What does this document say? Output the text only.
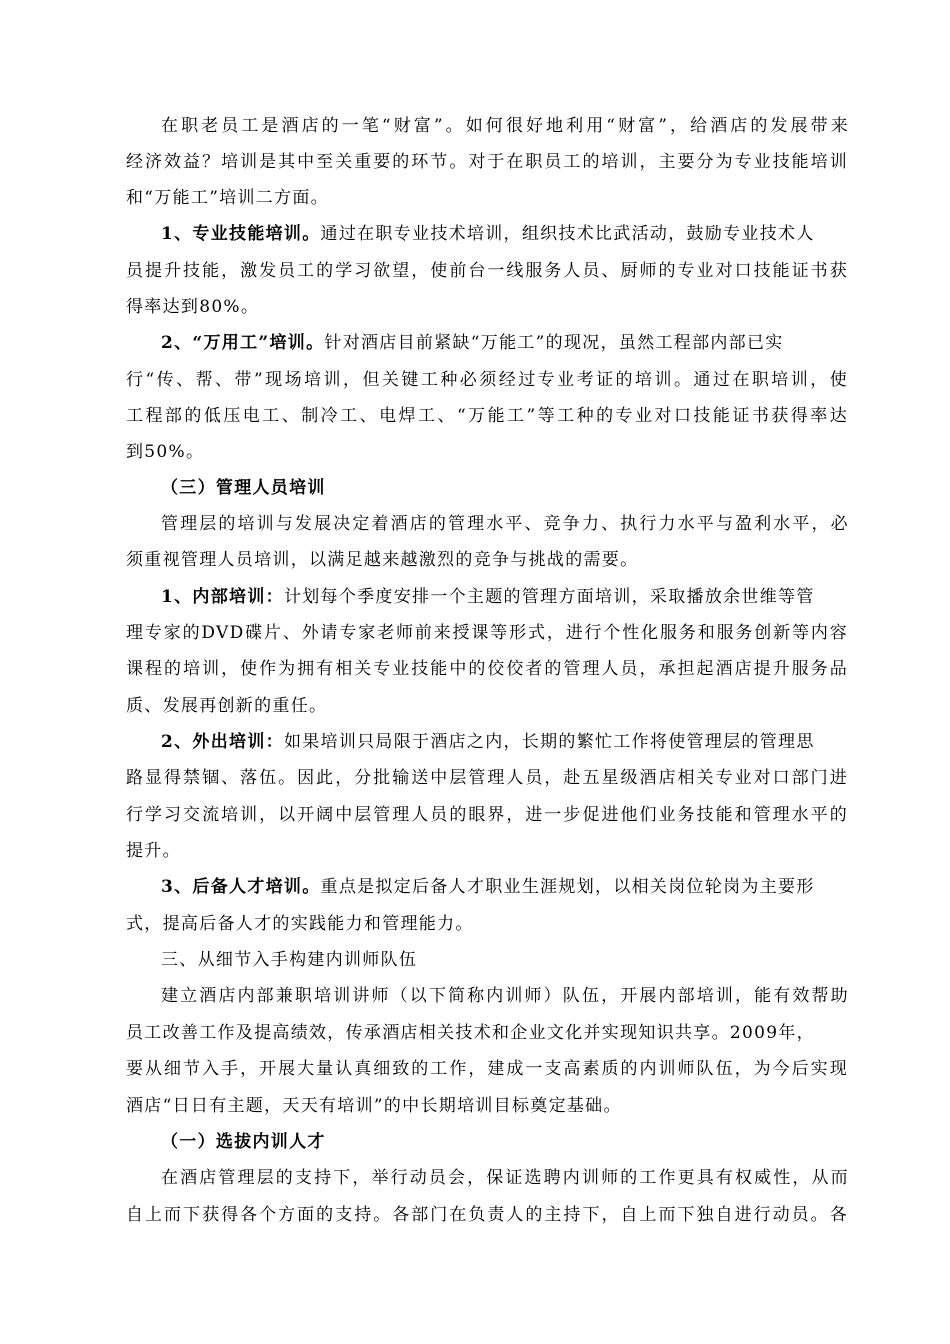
在职老员工是酒店的一笔“财富”。如何很好地利用“财富”，给酒店的发展带来
经济效益？培训是其中至关重要的环节。对于在职员工的培训，主要分为专业技能培训
和“万能工”培训二方面。
1、专业技能培训。通过在职专业技术培训，组织技术比武活动，鼓励专业技术人
员提升技能，激发员工的学习欲望，使前台一线服务人员、厨师的专业对口技能证书获
得率达到80%。
2、“万用工”培训。针对酒店目前紧缺“万能工”的现况，虽然工程部内部已实
行“传、帮、带”现场培训，但关键工种必须经过专业考证的培训。通过在职培训，使
工程部的低压电工、制冷工、电焊工、“万能工”等工种的专业对口技能证书获得率达
到50%。
（三）管理人员培训
管理层的培训与发展决定着酒店的管理水平、竞争力、执行力水平与盈利水平，必
须重视管理人员培训，以满足越来越激烈的竞争与挑战的需要。
1、内部培训：计划每个季度安排一个主题的管理方面培训，采取播放余世维等管
理专家的DVD碟片、外请专家老师前来授课等形式，进行个性化服务和服务创新等内容
课程的培训，使作为拥有相关专业技能中的佼佼者的管理人员，承担起酒店提升服务品
质、发展再创新的重任。
2、外出培训：如果培训只局限于酒店之内，长期的繁忙工作将使管理层的管理思
路显得禁锢、落伍。因此，分批输送中层管理人员，赴五星级酒店相关专业对口部门进
行学习交流培训，以开阔中层管理人员的眼界，进一步促进他们业务技能和管理水平的
提升。
3、后备人才培训。重点是拟定后备人才职业生涯规划，以相关岗位轮岗为主要形
式，提高后备人才的实践能力和管理能力。
三、从细节入手构建内训师队伍
建立酒店内部兼职培训讲师（以下简称内训师）队伍，开展内部培训，能有效帮助
员工改善工作及提高绩效，传承酒店相关技术和企业文化并实现知识共享。2009年，
要从细节入手，开展大量认真细致的工作，建成一支高素质的内训师队伍，为今后实现
酒店“日日有主题，天天有培训”的中长期培训目标奠定基础。
（一）选拔内训人才
在酒店管理层的支持下，举行动员会，保证选聘内训师的工作更具有权威性，从而
自上而下获得各个方面的支持。各部门在负责人的主持下，自上而下独自进行动员。各
